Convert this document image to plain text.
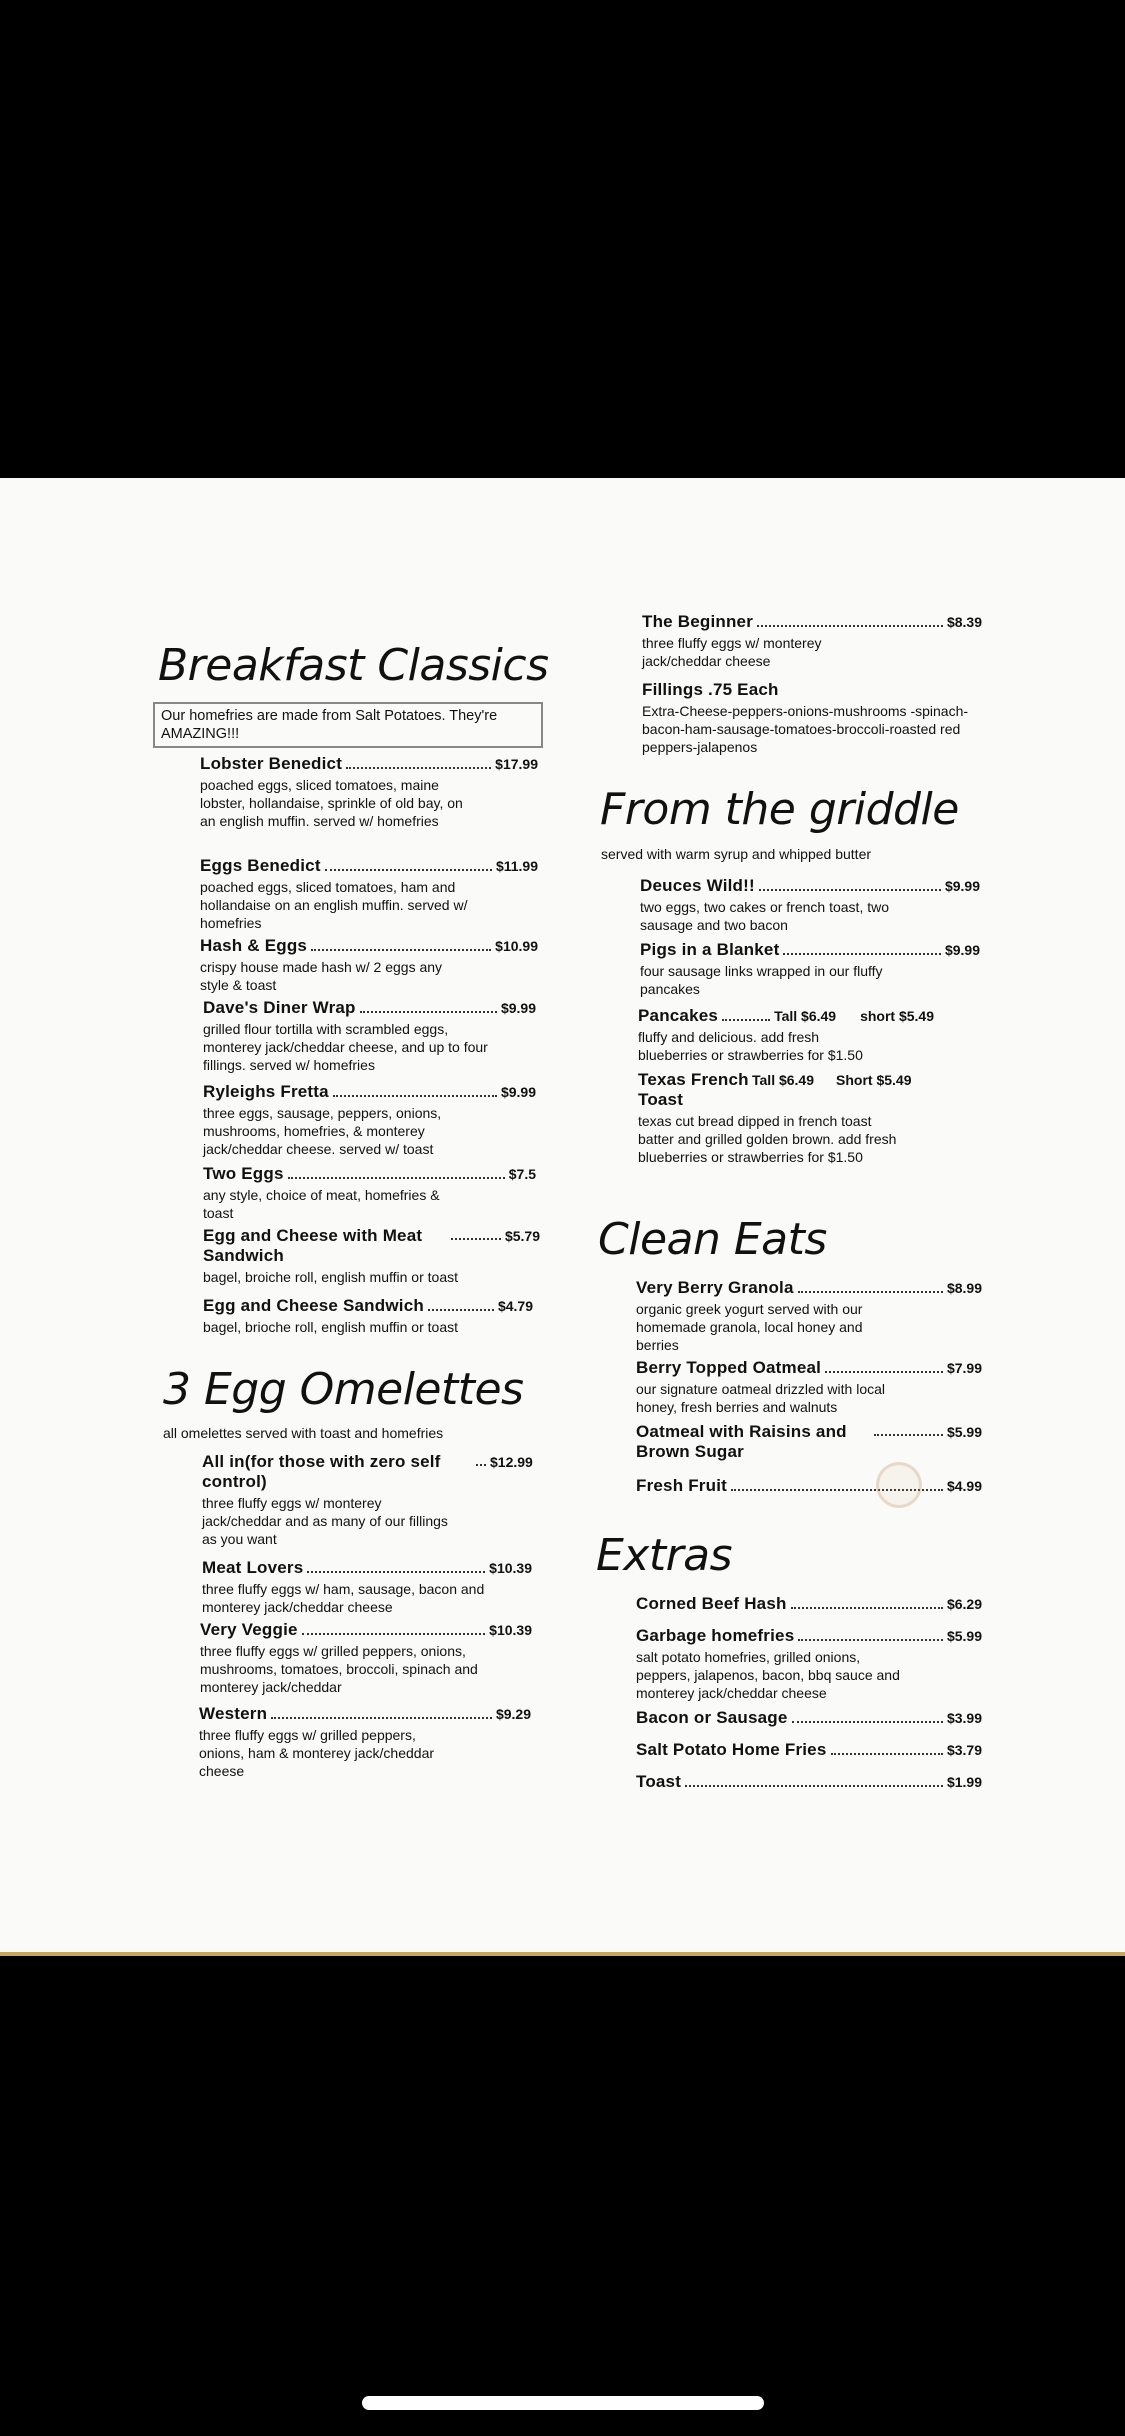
Breakfast Classics
Our homefries are made from Salt Potatoes. They're AMAZING!!!
Lobster Benedict	$17.99
poached eggs, sliced tomatoes, maine lobster, hollandaise, sprinkle of old bay, on an english muffin. served w/ homefries
Eggs Benedict	$11.99
poached eggs, sliced tomatoes, ham and hollandaise on an english muffin. served w/ homefries
Hash & Eggs	$10.99
crispy house made hash w/ 2 eggs any style & toast
Dave's Diner Wrap	$9.99
grilled flour tortilla with scrambled eggs, monterey jack/cheddar cheese, and up to four fillings. served w/ homefries
Ryleighs Fretta	$9.99
three eggs, sausage, peppers, onions, mushrooms, homefries, & monterey jack/cheddar cheese. served w/ toast
Two Eggs	$7.5
any style, choice of meat, homefries & toast
Egg and Cheese with Meat Sandwich
$5.79
bagel, broiche roll, english muffin or toast
Egg and Cheese Sandwich	$4.79
bagel, brioche roll, english muffin or toast
3 Egg Omelettes
all omelettes served with toast and homefries
All in(for those with zero self control)
$12.99
three fluffy eggs w/ monterey jack/cheddar and as many of our fillings as you want
Meat Lovers	$10.39
three fluffy eggs w/ ham, sausage, bacon and monterey jack/cheddar cheese
Very Veggie	$10.39
three fluffy eggs w/ grilled peppers, onions, mushrooms, tomatoes, broccoli, spinach and monterey jack/cheddar
Western	$9.29
three fluffy eggs w/ grilled peppers, onions, ham & monterey jack/cheddar cheese
The Beginner	$8.39
three fluffy eggs w/ monterey jack/cheddar cheese
Fillings .75 Each
Extra-Cheese-peppers-onions-mushrooms -spinach-bacon-ham-sausage-tomatoes-broccoli-roasted red peppers-jalapenos
From the griddle
served with warm syrup and whipped butter
Deuces Wild!!	$9.99
two eggs, two cakes or french toast, two sausage and two bacon
Pigs in a Blanket	$9.99
four sausage links wrapped in our fluffy pancakes
Pancakes	Tall $6.49 short $5.49
fluffy and delicious. add fresh blueberries or strawberries for $1.50
Texas French Toast
Tall $6.49 Short $5.49
texas cut bread dipped in french toast batter and grilled golden brown. add fresh blueberries or strawberries for $1.50
Clean Eats
Very Berry Granola	$8.99
organic greek yogurt served with our homemade granola, local honey and berries
Berry Topped Oatmeal	$7.99
our signature oatmeal drizzled with local honey, fresh berries and walnuts
Oatmeal with Raisins and Brown Sugar
$5.99
Fresh Fruit	$4.99
Extras
Corned Beef Hash	$6.29
Garbage homefries	$5.99
salt potato homefries, grilled onions, peppers, jalapenos, bacon, bbq sauce and monterey jack/cheddar cheese
Bacon or Sausage	$3.99
Salt Potato Home Fries	$3.79
Toast	$1.99
